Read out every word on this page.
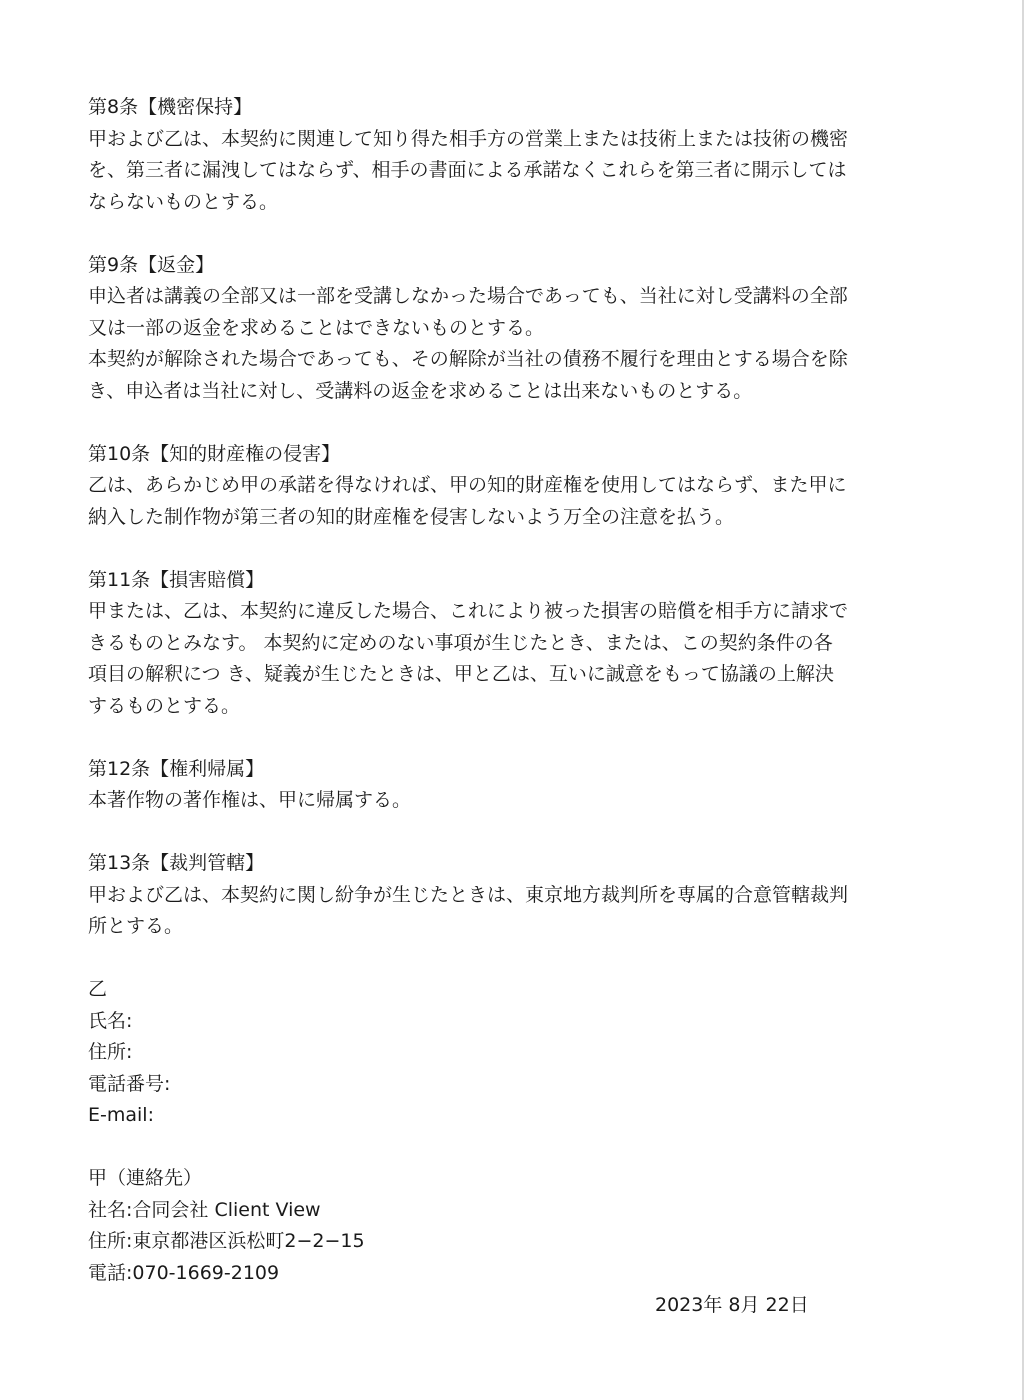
第8条【機密保持】
甲および乙は、本契約に関連して知り得た相手方の営業上または技術上または技術の機密
を、第三者に漏洩してはならず、相手の書面による承諾なくこれらを第三者に開示しては
ならないものとする。
第9条【返金】
申込者は講義の全部又は一部を受講しなかった場合であっても、当社に対し受講料の全部
又は一部の返金を求めることはできないものとする。
本契約が解除された場合であっても、その解除が当社の債務不履行を理由とする場合を除
き、申込者は当社に対し、受講料の返金を求めることは出来ないものとする。
第10条【知的財産権の侵害】
乙は、あらかじめ甲の承諾を得なければ、甲の知的財産権を使用してはならず、また甲に
納入した制作物が第三者の知的財産権を侵害しないよう万全の注意を払う。
第11条【損害賠償】
甲または、乙は、本契約に違反した場合、これにより被った損害の賠償を相手方に請求で
きるものとみなす。 本契約に定めのない事項が生じたとき、または、この契約条件の各
項目の解釈につ き、疑義が生じたときは、甲と乙は、互いに誠意をもって協議の上解決
するものとする。
第12条【権利帰属】
本著作物の著作権は、甲に帰属する。
第13条【裁判管轄】
甲および乙は、本契約に関し紛争が生じたときは、東京地方裁判所を専属的合意管轄裁判
所とする。
乙
氏名:
住所:
電話番号:
E-mail:
甲（連絡先）
社名:合同会社 Client View
住所:東京都港区浜松町2−2−15
電話:070-1669-2109
2023年 8月 22日
